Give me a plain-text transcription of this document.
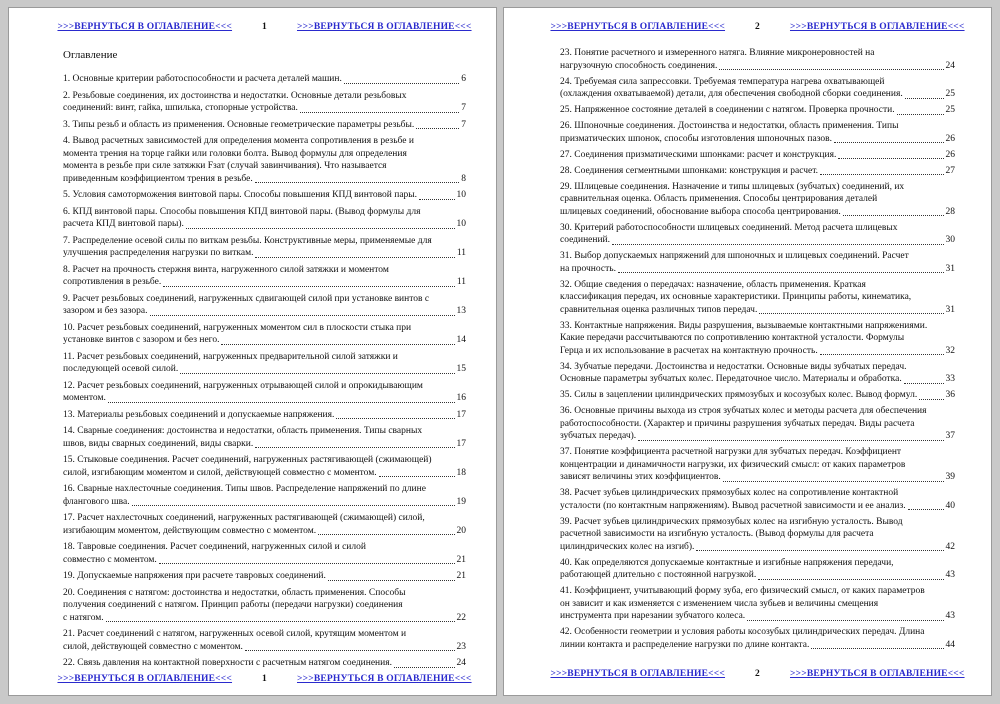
>>>ВЕРНУТЬСЯ В ОГЛАВЛЕНИЕ<<<	1	>>>ВЕРНУТЬСЯ В ОГЛАВЛЕНИЕ<<<
Оглавление
1. Основные критерии работоспособности и расчета деталей машин.	6
2. Резьбовые соединения, их достоинства и недостатки. Основные детали резьбовых
соединений: винт, гайка, шпилька, стопорные устройства.	7
3. Типы резьб и область из применения. Основные геометрические параметры резьбы.	7
4. Вывод расчетных зависимостей для определения момента сопротивления в резьбе и
момента трения на торце гайки или головки болта. Вывод формулы для определения
момента в резьбе при силе затяжки Fзат (случай завинчивания). Что называется
приведенным коэффициентом трения в резьбе.	8
5. Условия самоторможения винтовой пары. Способы повышения КПД винтовой пары.	10
6. КПД винтовой пары. Способы повышения КПД винтовой пары. (Вывод формулы для
расчета КПД винтовой пары).	10
7. Распределение осевой силы по виткам резьбы. Конструктивные меры, применяемые для
улучшения распределения нагрузки по виткам.	11
8. Расчет на прочность стержня винта, нагруженного силой затяжки и моментом
сопротивления в резьбе.	11
9. Расчет резьбовых соединений, нагруженных сдвигающей силой при установке винтов с
зазором и без зазора.	13
10. Расчет резьбовых соединений, нагруженных моментом сил в плоскости стыка при
установке винтов с зазором и без него.	14
11. Расчет резьбовых соединений, нагруженных предварительной силой затяжки и
последующей осевой силой.	15
12. Расчет резьбовых соединений, нагруженных отрывающей силой и опрокидывающим
моментом.	16
13. Материалы резьбовых соединений и допускаемые напряжения.	17
14. Сварные соединения: достоинства и недостатки, область применения. Типы сварных
швов, виды сварных соединений, виды сварки.	17
15. Стыковые соединения. Расчет соединений, нагруженных растягивающей (сжимающей)
силой, изгибающим моментом и силой, действующей совместно с моментом.	18
16. Сварные нахлесточные соединения. Типы швов. Распределение напряжений по длине
флангового шва.	19
17. Расчет нахлесточных соединений, нагруженных растягивающей (сжимающей) силой,
изгибающим моментом, действующим совместно с моментом.	20
18. Тавровые соединения. Расчет соединений, нагруженных силой и силой
совместно с моментом.	21
19. Допускаемые напряжения при расчете тавровых соединений.	21
20. Соединения с натягом: достоинства и недостатки, область применения. Способы
получения соединений с натягом. Принцип работы (передачи нагрузки) соединения
с натягом.	22
21. Расчет соединений с натягом, нагруженных осевой силой, крутящим моментом и
силой, действующей совместно с моментом.	23
22. Связь давления на контактной поверхности с расчетным натягом соединения.	24
>>>ВЕРНУТЬСЯ В ОГЛАВЛЕНИЕ<<<	1	>>>ВЕРНУТЬСЯ В ОГЛАВЛЕНИЕ<<<
>>>ВЕРНУТЬСЯ В ОГЛАВЛЕНИЕ<<<	2	>>>ВЕРНУТЬСЯ В ОГЛАВЛЕНИЕ<<<
23. Понятие расчетного и измеренного натяга. Влияние микронеровностей на
нагрузочную способность соединения.	24
24. Требуемая сила запрессовки. Требуемая температура нагрева охватывающей
(охлаждения охватываемой) детали, для обеспечения свободной сборки соединения.	25
25. Напряженное состояние деталей в соединении с натягом. Проверка прочности.	25
26. Шпоночные соединения. Достоинства и недостатки, область применения. Типы
призматических шпонок, способы изготовления шпоночных пазов.	26
27. Соединения призматическими шпонками: расчет и конструкция.	26
28. Соединения сегментными шпонками: конструкция и расчет.	27
29. Шлицевые соединения. Назначение и типы шлицевых (зубчатых) соединений, их
сравнительная оценка. Область применения. Способы центрирования деталей
шлицевых соединений, обоснование выбора способа центрирования.	28
30. Критерий работоспособности шлицевых соединений. Метод расчета шлицевых
соединений.	30
31. Выбор допускаемых напряжений для шпоночных и шлицевых соединений. Расчет
на прочность.	31
32. Общие сведения о передачах: назначение, область применения. Краткая
классификация передач, их основные характеристики. Принципы работы, кинематика,
сравнительная оценка различных типов передач.	31
33. Контактные напряжения. Виды разрушения, вызываемые контактными напряжениями.
Какие передачи рассчитываются по сопротивлению контактной усталости. Формулы
Герца и их использование в расчетах на контактную прочность.	32
34. Зубчатые передачи. Достоинства и недостатки. Основные виды зубчатых передач.
Основные параметры зубчатых колес. Передаточное число. Материалы и обработка.	33
35. Силы в зацеплении цилиндрических прямозубых и косозубых колес. Вывод формул.	36
36. Основные причины выхода из строя зубчатых колес и методы расчета для обеспечения
работоспособности. (Характер и причины разрушения зубчатых передач. Виды расчета
зубчатых передач).	37
37. Понятие коэффициента расчетной нагрузки для зубчатых передач. Коэффициент
концентрации и динамичности нагрузки, их физический смысл: от каких параметров
зависят величины этих коэффициентов.	39
38. Расчет зубьев цилиндрических прямозубых колес на сопротивление контактной
усталости (по контактным напряжениям). Вывод расчетной зависимости и ее анализ.	40
39. Расчет зубьев цилиндрических прямозубых колес на изгибную усталость. Вывод
расчетной зависимости на изгибную усталость. (Вывод формулы для расчета
цилиндрических колес на изгиб).	42
40. Как определяются допускаемые контактные и изгибные напряжения передачи,
работающей длительно с постоянной нагрузкой.	43
41. Коэффициент, учитывающий форму зуба, его физический смысл, от каких параметров
он зависит и как изменяется с изменением числа зубьев и величины смещения
инструмента при нарезании зубчатого колеса.	43
42. Особенности геометрии и условия работы косозубых цилиндрических передач. Длина
линии контакта и распределение нагрузки по длине контакта.	44
>>>ВЕРНУТЬСЯ В ОГЛАВЛЕНИЕ<<<	2	>>>ВЕРНУТЬСЯ В ОГЛАВЛЕНИЕ<<<
